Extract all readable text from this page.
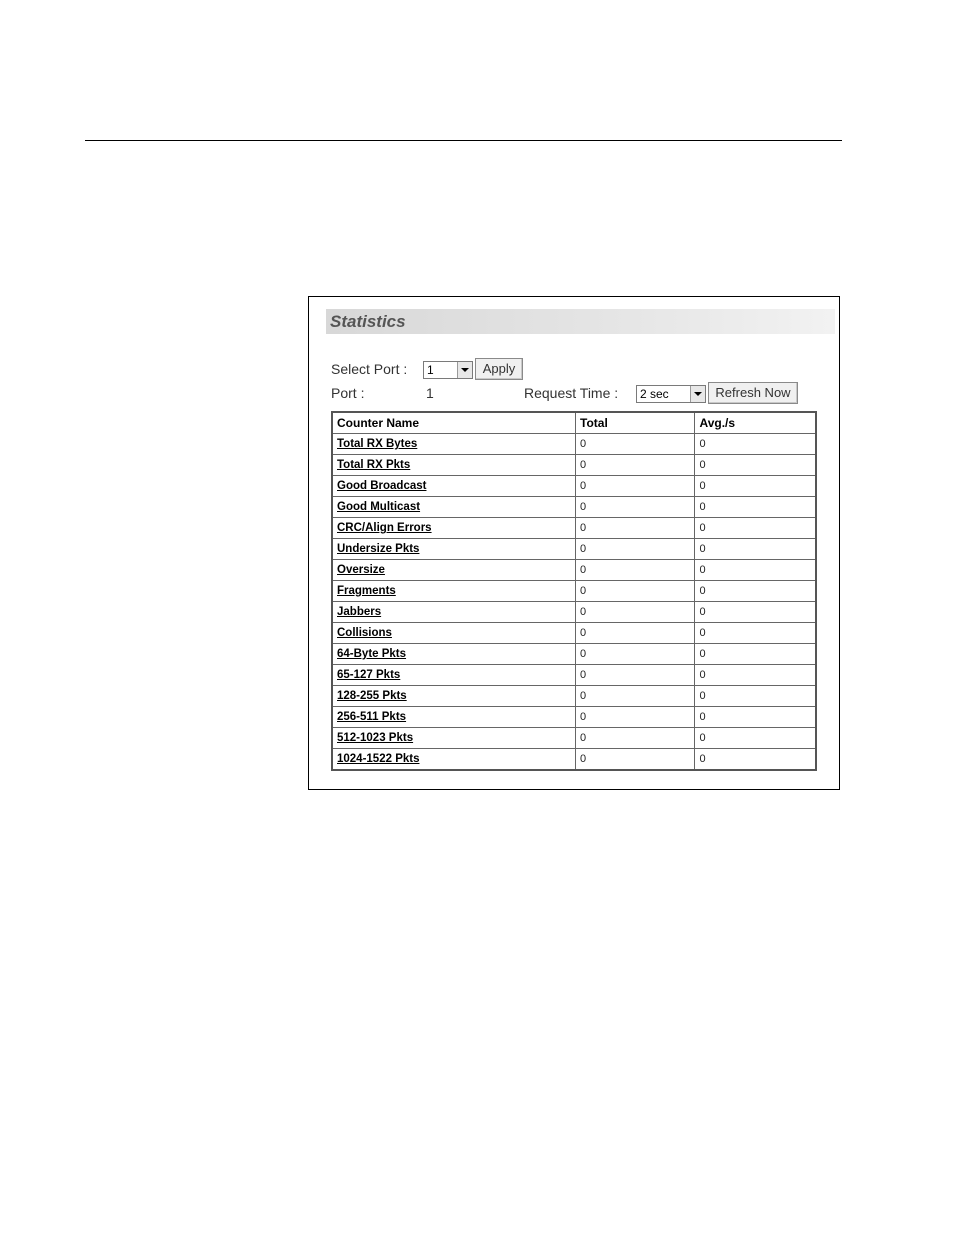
Statistics
Select Port : 1	Apply
Port :	1	Request Time : 2 sec	Refresh Now
Counter Name	Total	Avg./s
Total RX Bytes	0	0
Total RX Pkts	0	0
Good Broadcast	0	0
Good Multicast	0	0
CRC/Align Errors	0	0
Undersize Pkts	0	0
Oversize	0	0
Fragments	0	0
Jabbers	0	0
Collisions	0	0
64-Byte Pkts	0	0
65-127 Pkts	0	0
128-255 Pkts	0	0
256-511 Pkts	0	0
512-1023 Pkts	0	0
1024-1522 Pkts	0	0
